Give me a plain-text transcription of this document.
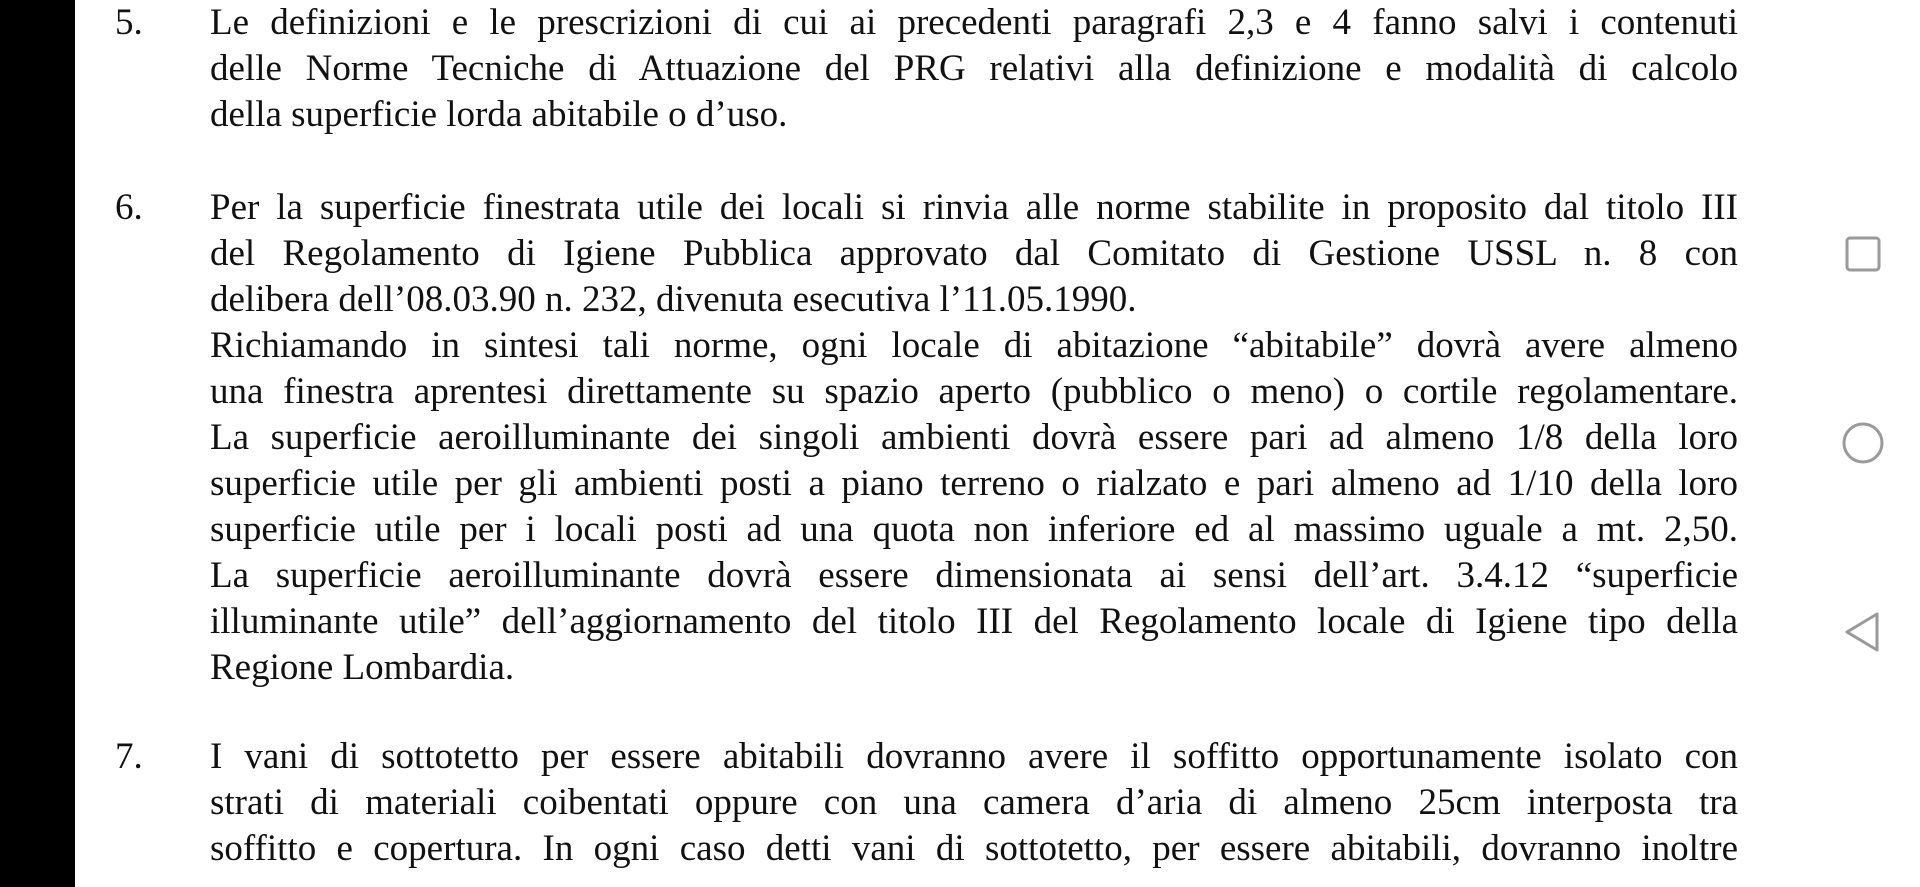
5. Le definizioni e le prescrizioni di cui ai precedenti paragrafi 2,3 e 4 fanno salvi i contenuti
delle Norme Tecniche di Attuazione del PRG relativi alla definizione e modalità di calcolo
della superficie lorda abitabile o d’uso.
6. Per la superficie finestrata utile dei locali si rinvia alle norme stabilite in proposito dal titolo III
del Regolamento di Igiene Pubblica approvato dal Comitato di Gestione USSL n. 8 con
delibera dell’08.03.90 n. 232, divenuta esecutiva l’11.05.1990.
Richiamando in sintesi tali norme, ogni locale di abitazione “abitabile” dovrà avere almeno
una finestra aprentesi direttamente su spazio aperto (pubblico o meno) o cortile regolamentare.
La superficie aeroilluminante dei singoli ambienti dovrà essere pari ad almeno 1/8 della loro
superficie utile per gli ambienti posti a piano terreno o rialzato e pari almeno ad 1/10 della loro
superficie utile per i locali posti ad una quota non inferiore ed al massimo uguale a mt. 2,50.
La superficie aeroilluminante dovrà essere dimensionata ai sensi dell’art. 3.4.12 “superficie
illuminante utile” dell’aggiornamento del titolo III del Regolamento locale di Igiene tipo della
Regione Lombardia.
7. I vani di sottotetto per essere abitabili dovranno avere il soffitto opportunamente isolato con
strati di materiali coibentati oppure con una camera d’aria di almeno 25cm interposta tra
soffitto e copertura. In ogni caso detti vani di sottotetto, per essere abitabili, dovranno inoltre
